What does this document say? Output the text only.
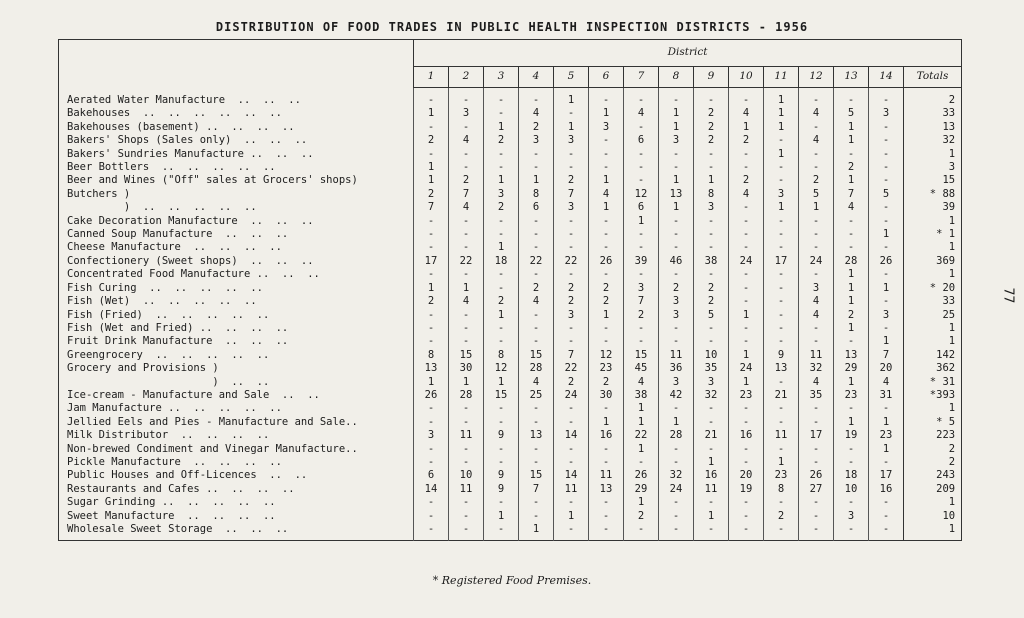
DISTRIBUTION OF FOOD TRADES IN PUBLIC HEALTH INSPECTION DISTRICTS - 1956
	District														
	1	2	3	4	5	6	7	8	9	10	11	12	13	14	Totals
Aerated Water Manufacture  ..  ..  ..	-	-	-	-	1	-	-	-	-	-	1	-	-	-	2
Bakehouses  ..  ..  ..  ..  ..  ..	1	3	-	4	-	1	4	1	2	4	1	4	5	3	33
Bakehouses (basement) ..  ..  ..  ..	-	-	1	2	1	3	-	1	2	1	1	-	1	-	13
Bakers' Shops (Sales only)  ..  ..  ..	2	4	2	3	3	-	6	3	2	2	-	4	1	-	32
Bakers' Sundries Manufacture ..  ..  ..	-	-	-	-	-	-	-	-	-	-	1	-	-	-	1
Beer Bottlers  ..  ..  ..  ..  ..	1	-	-	-	-	-	-	-	-	-	-	-	2	-	3
Beer and Wines ("Off" sales at Grocers' shops)	1	2	1	1	2	1	-	1	1	2	-	2	1	-	15
Butchers )	2	7	3	8	7	4	12	13	8	4	3	5	7	5	* 88
)  ..  ..  ..  ..  ..	7	4	2	6	3	1	6	1	3	-	1	1	4	-	39
Cake Decoration Manufacture  ..  ..  ..	-	-	-	-	-	-	1	-	-	-	-	-	-	-	1
Canned Soup Manufacture  ..  ..  ..	-	-	-	-	-	-	-	-	-	-	-	-	-	1	* 1
Cheese Manufacture  ..  ..  ..  ..	-	-	1	-	-	-	-	-	-	-	-	-	-	-	1
Confectionery (Sweet shops)  ..  ..  ..	17	22	18	22	22	26	39	46	38	24	17	24	28	26	369
Concentrated Food Manufacture ..  ..  ..	-	-	-	-	-	-	-	-	-	-	-	-	1	-	1
Fish Curing  ..  ..  ..  ..  ..	1	1	-	2	2	2	3	2	2	-	-	3	1	1	* 20
Fish (Wet)  ..  ..  ..  ..  ..	2	4	2	4	2	2	7	3	2	-	-	4	1	-	33
Fish (Fried)  ..  ..  ..  ..  ..	-	-	1	-	3	1	2	3	5	1	-	4	2	3	25
Fish (Wet and Fried) ..  ..  ..  ..	-	-	-	-	-	-	-	-	-	-	-	-	1	-	1
Fruit Drink Manufacture  ..  ..  ..	-	-	-	-	-	-	-	-	-	-	-	-	-	1	1
Greengrocery  ..  ..  ..  ..  ..	8	15	8	15	7	12	15	11	10	1	9	11	13	7	142
Grocery and Provisions )	13	30	12	28	22	23	45	36	35	24	13	32	29	20	362
)  ..  ..	1	1	1	4	2	2	4	3	3	1	-	4	1	4	* 31
Ice-cream - Manufacture and Sale  ..  ..	26	28	15	25	24	30	38	42	32	23	21	35	23	31	*393
Jam Manufacture ..  ..  ..  ..  ..	-	-	-	-	-	-	1	-	-	-	-	-	-	-	1
Jellied Eels and Pies - Manufacture and Sale..	-	-	-	-	-	1	1	1	-	-	-	-	1	1	* 5
Milk Distributor  ..  ..  ..  ..	3	11	9	13	14	16	22	28	21	16	11	17	19	23	223
Non-brewed Condiment and Vinegar Manufacture..	-	-	-	-	-	-	1	-	-	-	-	-	-	1	2
Pickle Manufacture  ..  ..  ..  ..	-	-	-	-	-	-	-	-	1	-	1	-	-	-	2
Public Houses and Off-Licences  ..  ..	6	10	9	15	14	11	26	32	16	20	23	26	18	17	243
Restaurants and Cafes ..  ..  ..  ..	14	11	9	7	11	13	29	24	11	19	8	27	10	16	209
Sugar Grinding ..  ..  ..  ..  ..	-	-	-	-	-	-	1	-	-	-	-	-	-	-	1
Sweet Manufacture  ..  ..  ..  ..	-	-	1	-	1	-	2	-	1	-	2	-	3	-	10
Wholesale Sweet Storage  ..  ..  ..	-	-	-	1	-	-	-	-	-	-	-	-	-	-	1
77
* Registered Food Premises.
